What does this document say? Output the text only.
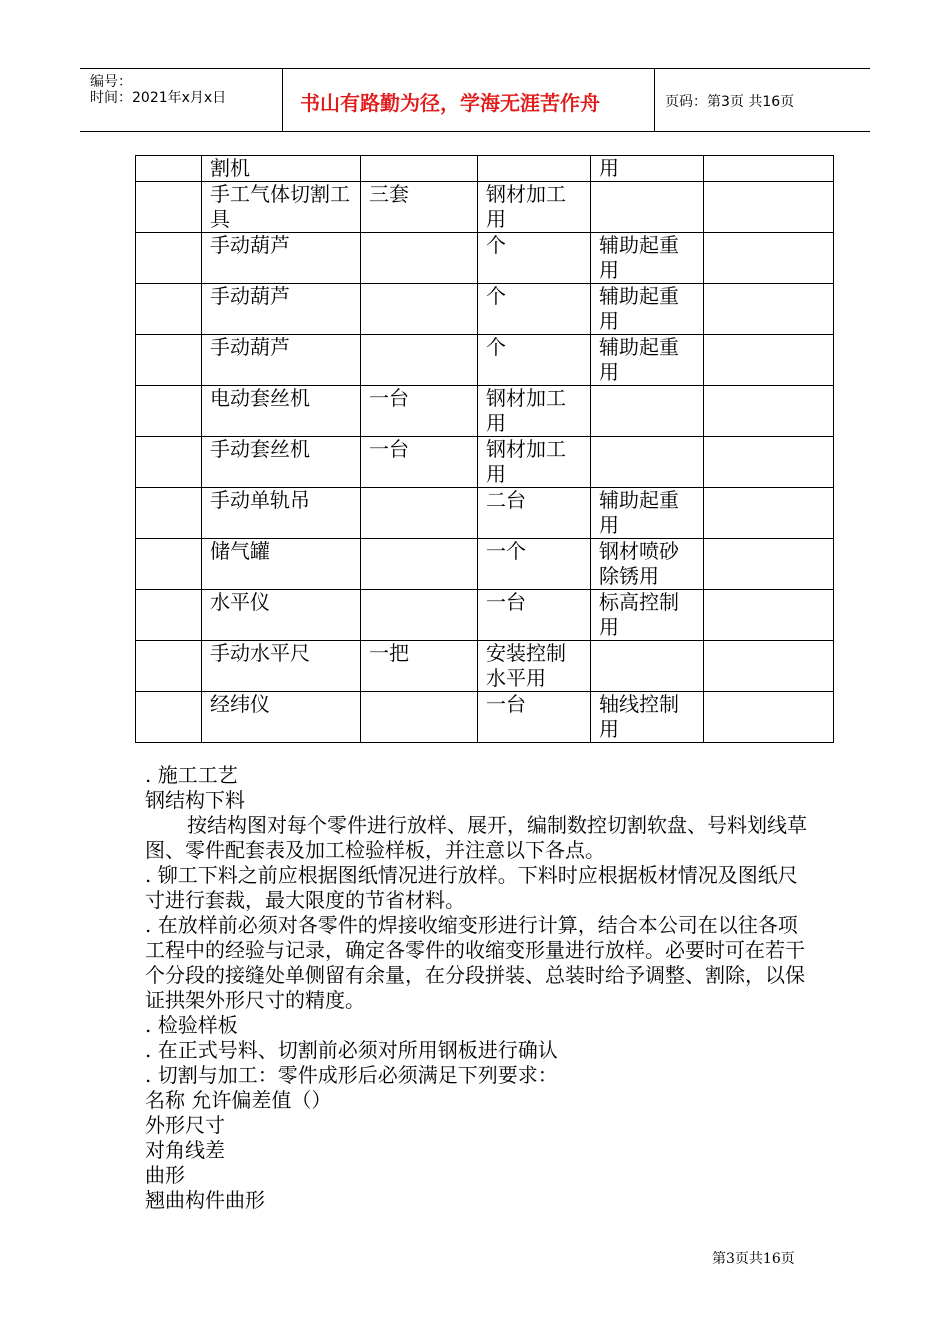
编号：
时间：2021年x月x日	书山有路勤为径，学海无涯苦作舟	页码：第3页 共16页
	割机			用	
	手工气体切割工具	三套	钢材加工用		
	手动葫芦		个	辅助起重用	
	手动葫芦		个	辅助起重用	
	手动葫芦		个	辅助起重用	
	电动套丝机	一台	钢材加工用		
	手动套丝机	一台	钢材加工用		
	手动单轨吊		二台	辅助起重用	
	储气罐		一个	钢材喷砂除锈用	
	水平仪		一台	标高控制用	
	手动水平尺	一把	安装控制水平用		
	经纬仪		一台	轴线控制用	

. 施工工艺

钢结构下料

按结构图对每个零件进行放样、展开，编制数控切割软盘、号料划线草图、零件配套表及加工检验样板，并注意以下各点。

. 铆工下料之前应根据图纸情况进行放样。下料时应根据板材情况及图纸尺寸进行套裁，最大限度的节省材料。

. 在放样前必须对各零件的焊接收缩变形进行计算，结合本公司在以往各项工程中的经验与记录，确定各零件的收缩变形量进行放样。必要时可在若干个分段的接缝处单侧留有余量，在分段拼装、总装时给予调整、割除，以保证拱架外形尺寸的精度。

. 检验样板

. 在正式号料、切割前必须对所用钢板进行确认

. 切割与加工：零件成形后必须满足下列要求：

名称 允许偏差值（）

外形尺寸

对角线差

曲形

翘曲构件曲形

第3页共16页
